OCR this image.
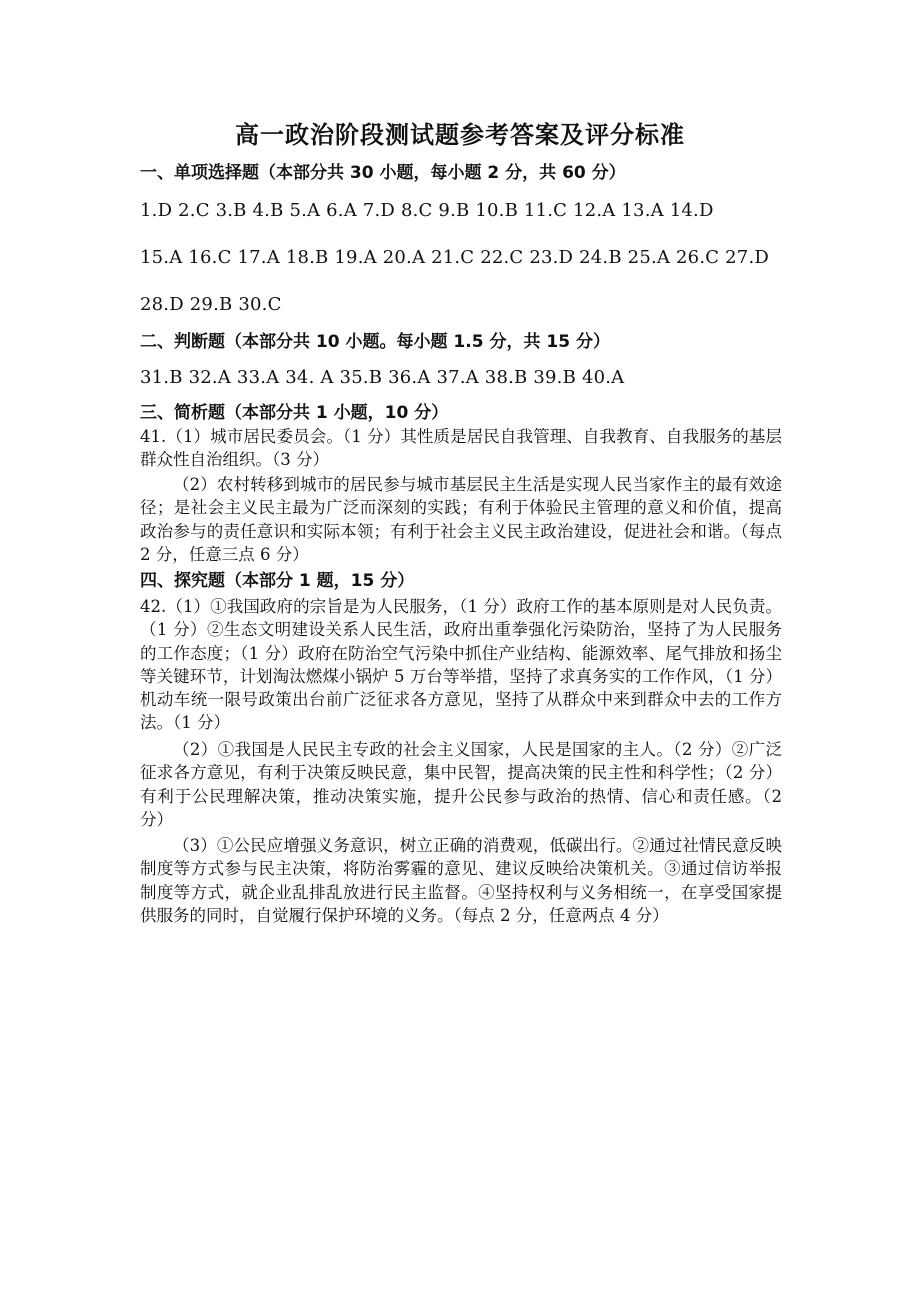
高一政治阶段测试题参考答案及评分标准
一、单项选择题（本部分共 30 小题，每小题 2 分，共 60 分）
1.D 2.C 3.B 4.B 5.A 6.A 7.D 8.C 9.B 10.B 11.C 12.A 13.A 14.D
15.A 16.C 17.A 18.B 19.A 20.A 21.C 22.C 23.D 24.B 25.A 26.C 27.D
28.D 29.B 30.C
二、判断题（本部分共 10 小题。每小题 1.5 分，共 15 分）
31.B 32.A 33.A 34. A 35.B 36.A 37.A 38.B 39.B 40.A
三、简析题（本部分共 1 小题，10 分）

41.（1）城市居民委员会。（1 分）其性质是居民自我管理、自我教育、自我服务的基层群众性自治组织。（3 分）

（2）农村转移到城市的居民参与城市基层民主生活是实现人民当家作主的最有效途径；是社会主义民主最为广泛而深刻的实践；有利于体验民主管理的意义和价值，提高政治参与的责任意识和实际本领；有利于社会主义民主政治建设，促进社会和谐。（每点 2 分，任意三点 6 分）

四、探究题（本部分 1 题，15 分）

42.（1）①我国政府的宗旨是为人民服务，（1 分）政府工作的基本原则是对人民负责。（1 分）②生态文明建设关系人民生活，政府出重拳强化污染防治，坚持了为人民服务的工作态度；（1 分）政府在防治空气污染中抓住产业结构、能源效率、尾气排放和扬尘等关键环节，计划淘汰燃煤小锅炉 5 万台等举措，坚持了求真务实的工作作风，（1 分）机动车统一限号政策出台前广泛征求各方意见，坚持了从群众中来到群众中去的工作方法。（1 分）

（2）①我国是人民民主专政的社会主义国家，人民是国家的主人。（2 分）②广泛征求各方意见，有利于决策反映民意，集中民智，提高决策的民主性和科学性；（2 分）有利于公民理解决策，推动决策实施，提升公民参与政治的热情、信心和责任感。（2 分）

（3）①公民应增强义务意识，树立正确的消费观，低碳出行。②通过社情民意反映制度等方式参与民主决策，将防治雾霾的意见、建议反映给决策机关。③通过信访举报制度等方式，就企业乱排乱放进行民主监督。④坚持权利与义务相统一，在享受国家提供服务的同时，自觉履行保护环境的义务。（每点 2 分，任意两点 4 分）
